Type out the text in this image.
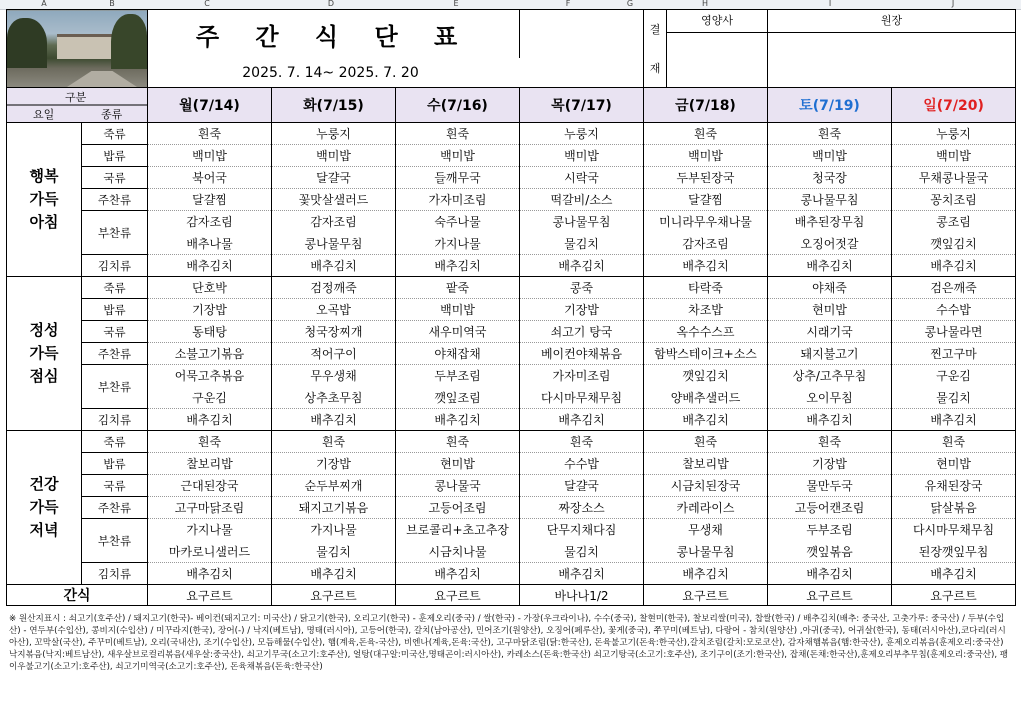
A	B	C	D	E	F	G	H	I	J
		주 간 식 단 표				결
재
영양사	원장	

		2025. 7. 14~ 2025. 7. 20						

구분
요일 종류		월(7/14)	화(7/15)	수(7/16)	목(7/17)	금(7/18)	토(7/19)	일(7/20)
행복
가득
아침	죽류	흰죽	누룽지	흰죽	누룽지	흰죽	흰죽	누룽지
	밥류	백미밥	백미밥	백미밥	백미밥	백미밥	백미밥	백미밥
	국류	북어국	달걀국	들깨무국	시락국	두부된장국	청국장	무채콩나물국
	주찬류	달걀찜	꽃맛살샐러드	가자미조림	떡갈비/소스	달걀찜	콩나물무침	꽁치조림
	부찬류	감자조림	감자조림	숙주나물	콩나물무침	미니라무우채나물	배추된장무침	콩조림
		배추나물	콩나물무침	가지나물	물김치	감자조림	오징어젓갈	깻잎김치
	김치류	배추김치	배추김치	배추김치	배추김치	배추김치	배추김치	배추김치
정성
가득
점심	죽류	단호박	검정깨죽	팥죽	콩죽	타락죽	야채죽	검은깨죽
	밥류	기장밥	오곡밥	백미밥	기장밥	차조밥	현미밥	수수밥
	국류	동태탕	청국장찌개	새우미역국	쇠고기 탕국	옥수수스프	시래기국	콩나물라면
	주찬류	소불고기볶음	적어구이	야채잡채	베이컨야채볶음	함박스테이크+소스	돼지불고기	찐고구마
	부찬류	어묵고추볶음	무우생채	두부조림	가자미조림	깻잎김치	상추/고추무침	구운김
		구운김	상추초무침	깻잎조림	다시마무채무침	양배추샐러드	오이무침	물김치
	김치류	배추김치	배추김치	배추김치	배추김치	배추김치	배추김치	배추김치
건강
가득
저녁	죽류	흰죽	흰죽	흰죽	흰죽	흰죽	흰죽	흰죽
	밥류	찰보리밥	기장밥	현미밥	수수밥	찰보리밥	기장밥	현미밥
	국류	근대된장국	순두부찌개	콩나물국	달걀국	시금치된장국	물만두국	유채된장국
	주찬류	고구마닭조림	돼지고기볶음	고등어조림	짜장소스	카레라이스	고등어캔조림	닭살볶음
	부찬류	가지나물	가지나물	브로콜리+초고추장	단무지채다짐	무생채	두부조림	다시마무채무침
		마카로니샐러드	물김치	시금치나물	물김치	콩나물무침	깻잎볶음	된장깻잎무침
	김치류	배추김치	배추김치	배추김치	배추김치	배추김치	배추김치	배추김치
간식		요구르트	요구르트	요구르트	바나나1/2	요구르트	요구르트	요구르트
※ 원산지표시 : 쇠고기(호주산) / 돼지고기(한국)- 베이컨(돼지고기: 미국산) / 닭고기(한국), 오리고기(한국) - 훈제오리(중국) / 쌀(한국) - 가장(우크라이나), 수수(중국), 찰현미(한국), 찰보리쌀(미국), 찹쌀(한국) / 배추김치(배추: 중국산, 고춧가루: 중국산) / 두부(수입산) - 연두부(수입산), 콩비지(수입산) / 미꾸라지(한국), 장어(-) / 낙지(베트남), 명태(러시아), 고등어(한국), 갈치(남아공산), 민어조기(원양산), 오징어(페루산), 꽃게(중국), 쭈꾸미(베트남), 다랑어 - 참치(원양산) ,아귀(중국), 어귀살(한국), 동태(러시아산),코다리(러시아산), 꼬막살(국산), 주꾸미(베트남), 오리(국내산), 조기(수입산), 모듬해물(수입산), 햄(계육,돈육-국산), 비엔나(계육,돈육:국산), 고구마닭조림(닭:한국산), 돈육불고기(돈육:한국산),갈치조림(갈치:모로코산), 감자채햄볶음(햄:한국산), 훈제오리볶음(훈제오리:중국산) 낙지볶음(낙지:베트남산), 새우살브로컬리볶음(새우살:중국산), 쇠고기무국(소고기:호주산), 얼탕(대구알:미국산,명태곤이:러시아산), 카레소스(돈육:한국산) 쇠고기탕국(소고기:호주산), 조기구이(조기:한국산), 잡채(돈채:한국산),훈제오리부추무침(훈제오리:중국산), 팽이우불고기(소고기:호주산), 쇠고기미역국(소고기:호주산), 돈육채볶음(돈육:한국산)
